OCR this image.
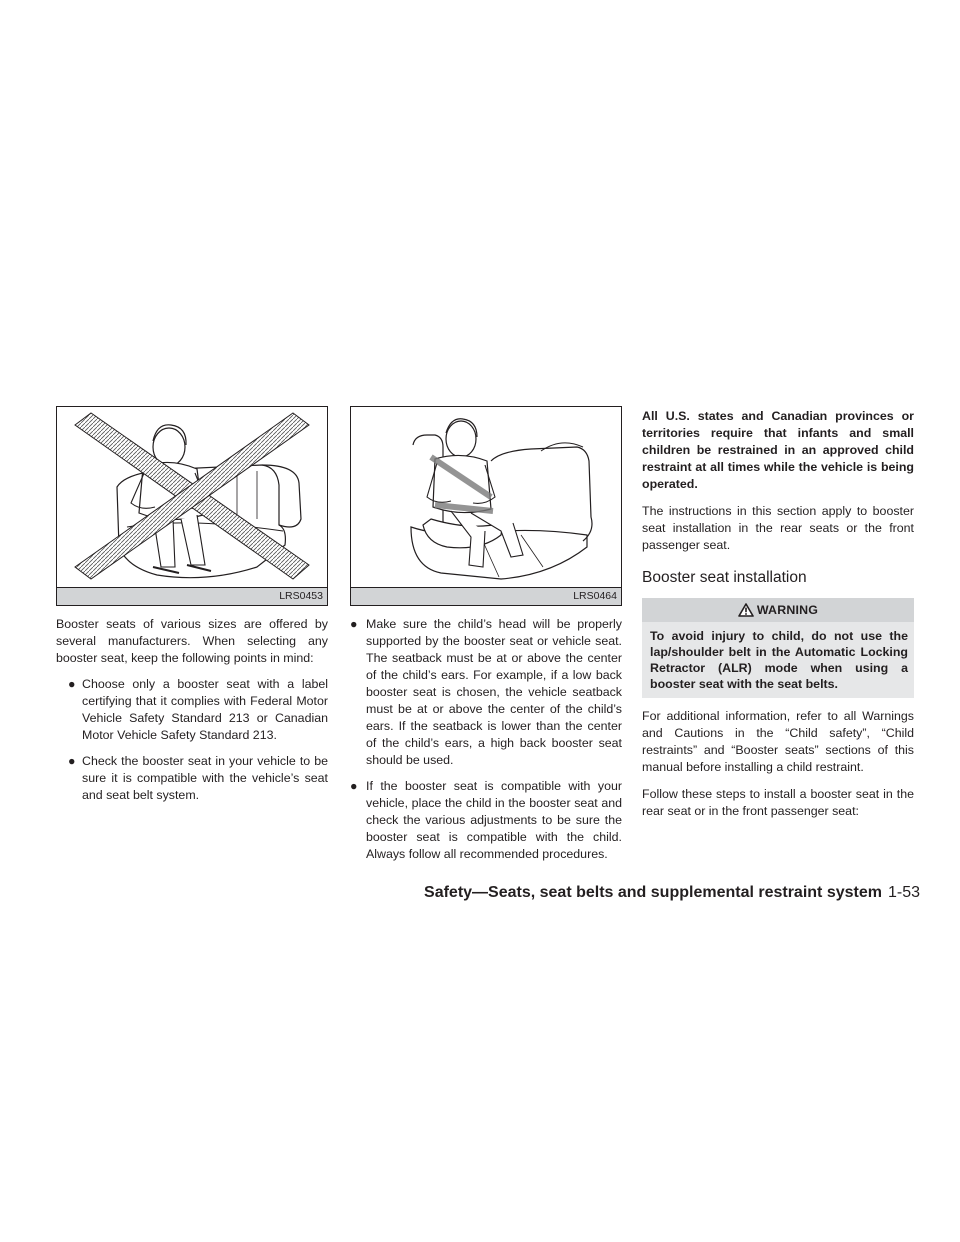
LRS0453

Booster seats of various sizes are offered by several manufacturers. When selecting any booster seat, keep the following points in mind:

● Choose only a booster seat with a label certifying that it complies with Federal Motor Vehicle Safety Standard 213 or Canadian Motor Vehicle Safety Standard 213.
● Check the booster seat in your vehicle to be sure it is compatible with the vehicle’s seat and seat belt system.
LRS0464
● Make sure the child’s head will be properly supported by the booster seat or vehicle seat. The seatback must be at or above the center of the child’s ears. For example, if a low back booster seat is chosen, the vehicle seatback must be at or above the center of the child’s ears. If the seatback is lower than the center of the child’s ears, a high back booster seat should be used.
● If the booster seat is compatible with your vehicle, place the child in the booster seat and check the various adjustments to be sure the booster seat is compatible with the child. Always follow all recommended procedures.

All U.S. states and Canadian provinces or territories require that infants and small children be restrained in an approved child restraint at all times while the vehicle is being operated.

The instructions in this section apply to booster seat installation in the rear seats or the front passenger seat.

Booster seat installation
WARNING
To avoid injury to child, do not use the lap/shoulder belt in the Automatic Locking Retractor (ALR) mode when using a booster seat with the seat belts.

For additional information, refer to all Warnings and Cautions in the “Child safety”, “Child restraints” and “Booster seats” sections of this manual before installing a child restraint.

Follow these steps to install a booster seat in the rear seat or in the front passenger seat:

Safety—Seats, seat belts and supplemental restraint system 1-53
